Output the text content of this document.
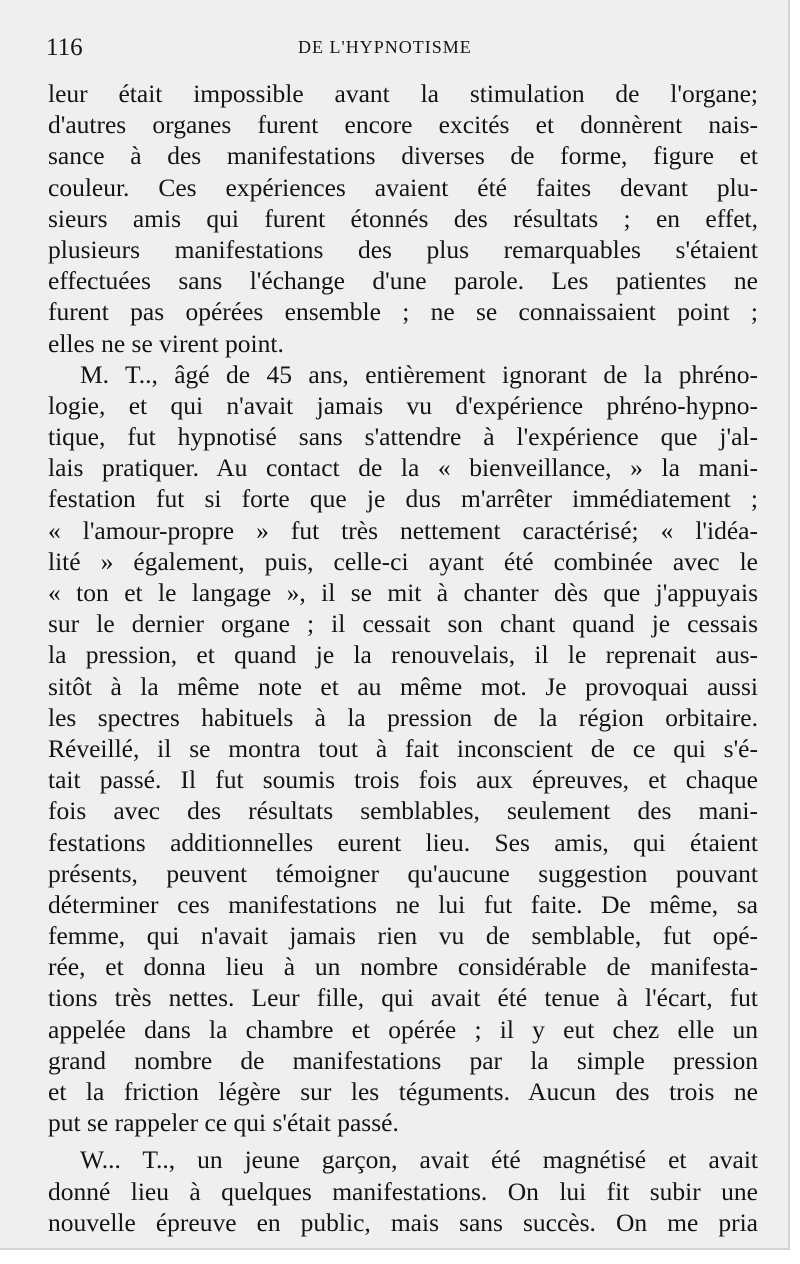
116	DE L'HYPNOTISME
leur était impossible avant la stimulation de l'organe;
d'autres organes furent encore excités et donnèrent nais-
sance à des manifestations diverses de forme, figure et
couleur. Ces expériences avaient été faites devant plu-
sieurs amis qui furent étonnés des résultats ; en effet,
plusieurs manifestations des plus remarquables s'étaient
effectuées sans l'échange d'une parole. Les patientes ne
furent pas opérées ensemble ; ne se connaissaient point ;
elles ne se virent point.
M. T.., âgé de 45 ans, entièrement ignorant de la phréno-
logie, et qui n'avait jamais vu d'expérience phréno-hypno-
tique, fut hypnotisé sans s'attendre à l'expérience que j'al-
lais pratiquer. Au contact de la « bienveillance, » la mani-
festation fut si forte que je dus m'arrêter immédiatement ;
« l'amour-propre » fut très nettement caractérisé; « l'idéa-
lité » également, puis, celle-ci ayant été combinée avec le
« ton et le langage », il se mit à chanter dès que j'appuyais
sur le dernier organe ; il cessait son chant quand je cessais
la pression, et quand je la renouvelais, il le reprenait aus-
sitôt à la même note et au même mot. Je provoquai aussi
les spectres habituels à la pression de la région orbitaire.
Réveillé, il se montra tout à fait inconscient de ce qui s'é-
tait passé. Il fut soumis trois fois aux épreuves, et chaque
fois avec des résultats semblables, seulement des mani-
festations additionnelles eurent lieu. Ses amis, qui étaient
présents, peuvent témoigner qu'aucune suggestion pouvant
déterminer ces manifestations ne lui fut faite. De même, sa
femme, qui n'avait jamais rien vu de semblable, fut opé-
rée, et donna lieu à un nombre considérable de manifesta-
tions très nettes. Leur fille, qui avait été tenue à l'écart, fut
appelée dans la chambre et opérée ; il y eut chez elle un
grand nombre de manifestations par la simple pression
et la friction légère sur les téguments. Aucun des trois ne
put se rappeler ce qui s'était passé.
W... T.., un jeune garçon, avait été magnétisé et avait
donné lieu à quelques manifestations. On lui fit subir une
nouvelle épreuve en public, mais sans succès. On me pria
